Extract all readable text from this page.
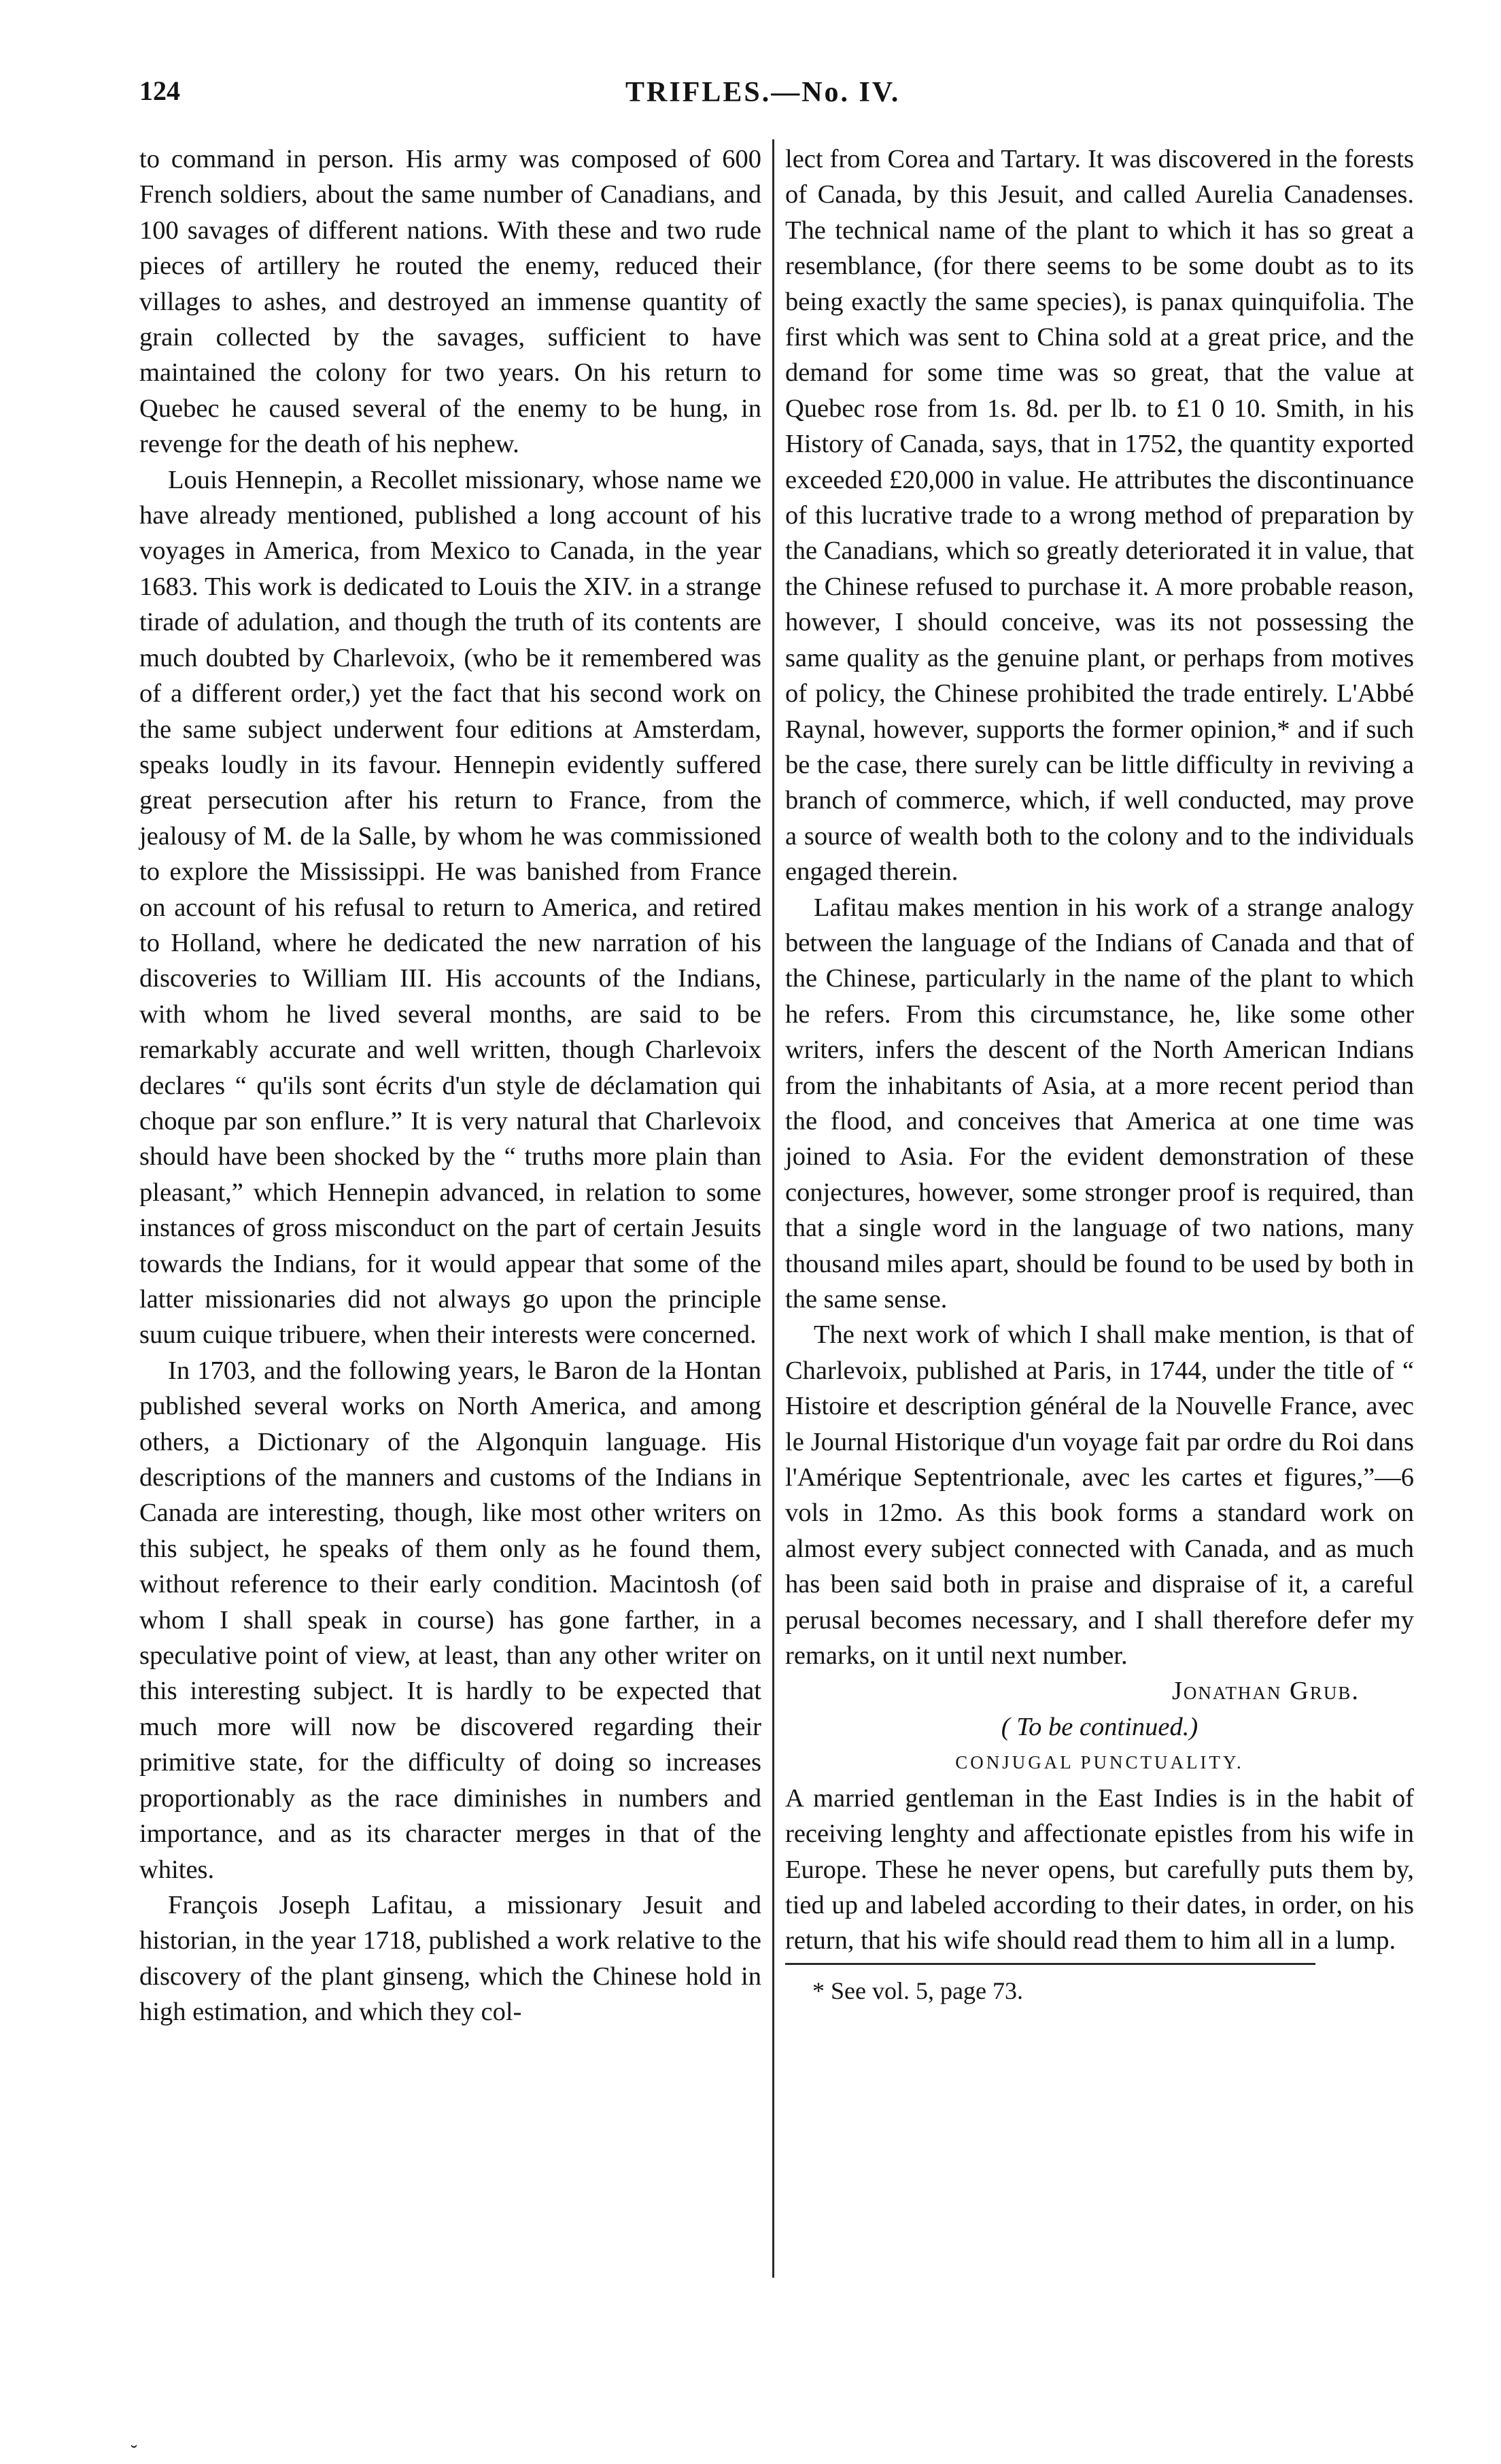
124	TRIFLES.—No. IV.

to command in person. His army was composed of 600 French soldiers, about the same number of Canadians, and 100 savages of different nations. With these and two rude pieces of artillery he routed the enemy, reduced their villages to ashes, and destroyed an immense quantity of grain collected by the savages, sufficient to have maintained the colony for two years. On his return to Quebec he caused several of the enemy to be hung, in revenge for the death of his nephew.

Louis Hennepin, a Recollet missionary, whose name we have already mentioned, published a long account of his voyages in America, from Mexico to Canada, in the year 1683. This work is dedicated to Louis the XIV. in a strange tirade of adulation, and though the truth of its contents are much doubted by Charlevoix, (who be it remembered was of a different order,) yet the fact that his second work on the same subject underwent four editions at Amsterdam, speaks loudly in its favour. Hennepin evidently suffered great persecution after his return to France, from the jealousy of M. de la Salle, by whom he was commissioned to explore the Mississippi. He was banished from France on account of his refusal to return to America, and retired to Holland, where he dedicated the new narration of his discoveries to William III. His accounts of the Indians, with whom he lived several months, are said to be remarkably accurate and well written, though Charlevoix declares “ qu'ils sont écrits d'un style de déclamation qui choque par son enflure.” It is very natural that Charlevoix should have been shocked by the “ truths more plain than pleasant,” which Hennepin advanced, in relation to some instances of gross misconduct on the part of certain Jesuits towards the Indians, for it would appear that some of the latter missionaries did not always go upon the principle suum cuique tribuere, when their interests were concerned.

In 1703, and the following years, le Baron de la Hontan published several works on North America, and among others, a Dictionary of the Algonquin language. His descriptions of the manners and customs of the Indians in Canada are interesting, though, like most other writers on this subject, he speaks of them only as he found them, without reference to their early condition. Macintosh (of whom I shall speak in course) has gone farther, in a speculative point of view, at least, than any other writer on this interesting subject. It is hardly to be expected that much more will now be discovered regarding their primitive state, for the difficulty of doing so increases proportionably as the race diminishes in numbers and importance, and as its character merges in that of the whites.

François Joseph Lafitau, a missionary Jesuit and historian, in the year 1718, published a work relative to the discovery of the plant ginseng, which the Chinese hold in high estimation, and which they col-

lect from Corea and Tartary. It was discovered in the forests of Canada, by this Jesuit, and called Aurelia Canadenses. The technical name of the plant to which it has so great a resemblance, (for there seems to be some doubt as to its being exactly the same species), is panax quinquifolia. The first which was sent to China sold at a great price, and the demand for some time was so great, that the value at Quebec rose from 1s. 8d. per lb. to £1 0 10. Smith, in his History of Canada, says, that in 1752, the quantity exported exceeded £20,000 in value. He attributes the discontinuance of this lucrative trade to a wrong method of preparation by the Canadians, which so greatly deteriorated it in value, that the Chinese refused to purchase it. A more probable reason, however, I should conceive, was its not possessing the same quality as the genuine plant, or perhaps from motives of policy, the Chinese prohibited the trade entirely. L'Abbé Raynal, however, supports the former opinion,* and if such be the case, there surely can be little difficulty in reviving a branch of commerce, which, if well conducted, may prove a source of wealth both to the colony and to the individuals engaged therein.

Lafitau makes mention in his work of a strange analogy between the language of the Indians of Canada and that of the Chinese, particularly in the name of the plant to which he refers. From this circumstance, he, like some other writers, infers the descent of the North American Indians from the inhabitants of Asia, at a more recent period than the flood, and conceives that America at one time was joined to Asia. For the evident demonstration of these conjectures, however, some stronger proof is required, than that a single word in the language of two nations, many thousand miles apart, should be found to be used by both in the same sense.

The next work of which I shall make mention, is that of Charlevoix, published at Paris, in 1744, under the title of “ Histoire et description général de la Nouvelle France, avec le Journal Historique d'un voyage fait par ordre du Roi dans l'Amérique Septentrionale, avec les cartes et figures,”—6 vols in 12mo. As this book forms a standard work on almost every subject connected with Canada, and as much has been said both in praise and dispraise of it, a careful perusal becomes necessary, and I shall therefore defer my remarks, on it until next number.

Jonathan Grub.

( To be continued.)

CONJUGAL PUNCTUALITY.

A married gentleman in the East Indies is in the habit of receiving lenghty and affectionate epistles from his wife in Europe. These he never opens, but carefully puts them by, tied up and labeled according to their dates, in order, on his return, that his wife should read them to him all in a lump.

* See vol. 5, page 73.

˘
